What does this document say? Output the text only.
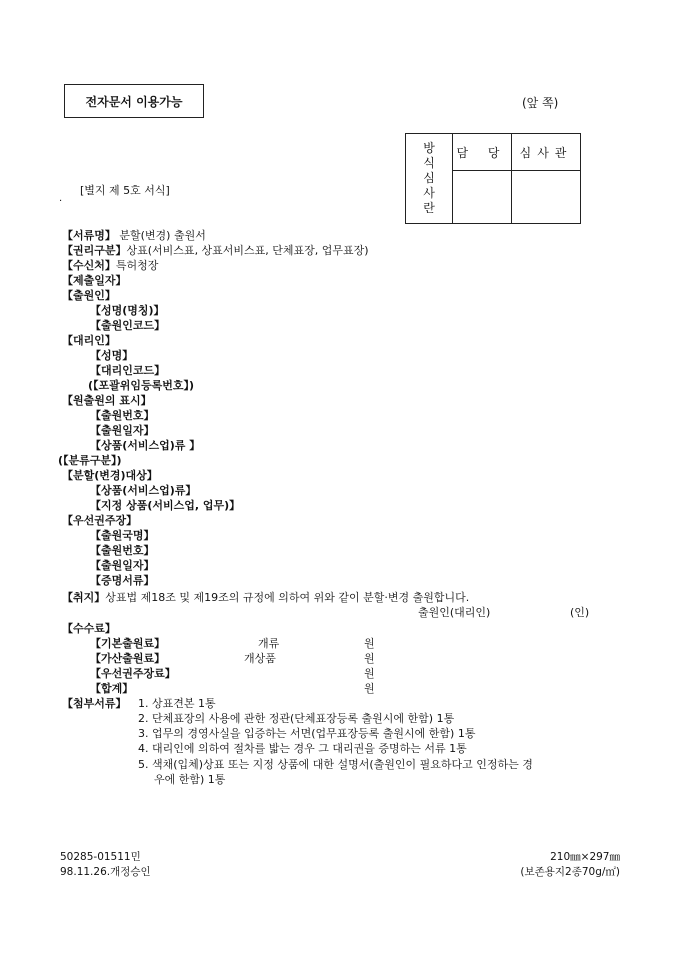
전자문서 이용가능	(앞 쪽)
방
식
심
사
란	담 당	심사관

[별지 제 5호 서식]
·
【서류명】 분할(변경) 출원서
【권리구분】상표(서비스표, 상표서비스표, 단체표장, 업무표장)
【수신처】특허청장
【제출일자】
【출원인】
【성명(명칭)】
【출원인코드】
【대리인】
【성명】
【대리인코드】
(【포괄위임등록번호】)
【원출원의 표시】
【출원번호】
【출원일자】
【상품(서비스업)류 】
(【분류구분】)
【분할(변경)대상】
【상품(서비스업)류】
【지정 상품(서비스업, 업무)】
【우선권주장】
【출원국명】
【출원번호】
【출원일자】
【증명서류】
【취지】상표법 제18조 및 제19조의 규정에 의하여 위와 같이 분할·변경 출원합니다.
출원인(대리인)	(인)
【수수료】
【기본출원료】	개류	원
【가산출원료】	개상품	원
【우선권주장료】	원
【합계】	원
【첨부서류】 1. 상표견본 1통
2. 단체표장의 사용에 관한 정관(단체표장등록 출원시에 한함) 1통
3. 업무의 경영사실을 입증하는 서면(업무표장등록 출원시에 한함) 1통
4. 대리인에 의하여 절차를 밟는 경우 그 대리권을 증명하는 서류 1통
5. 색채(입체)상표 또는 지정 상품에 대한 설명서(출원인이 필요하다고 인정하는 경
우에 한함) 1통
50285-01511민
98.11.26.개정승인
210㎜×297㎜
(보존용지2종70g/㎡)
